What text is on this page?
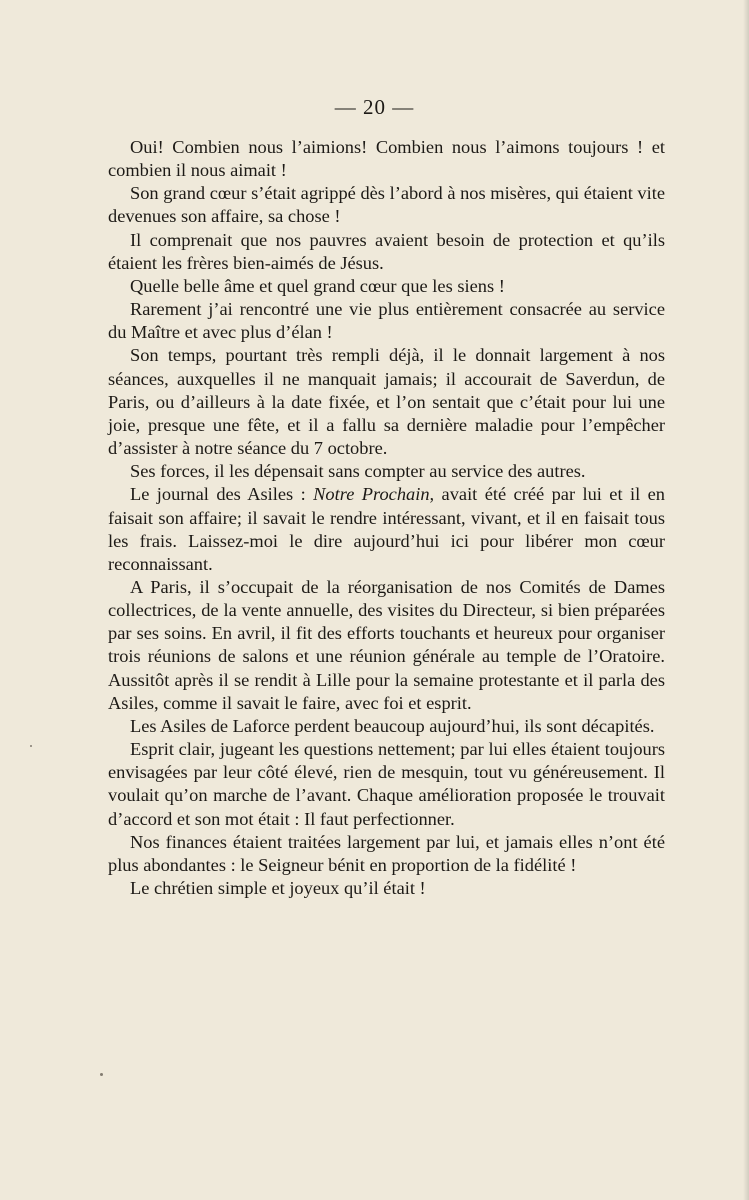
— 20 —

Oui! Combien nous l’aimions! Combien nous l’aimons toujours ! et combien il nous aimait !

Son grand cœur s’était agrippé dès l’abord à nos misères, qui étaient vite devenues son affaire, sa chose !

Il comprenait que nos pauvres avaient besoin de protection et qu’ils étaient les frères bien-aimés de Jésus.

Quelle belle âme et quel grand cœur que les siens !

Rarement j’ai rencontré une vie plus entièrement consacrée au service du Maître et avec plus d’élan !

Son temps, pourtant très rempli déjà, il le donnait largement à nos séances, auxquelles il ne manquait jamais; il accourait de Saverdun, de Paris, ou d’ailleurs à la date fixée, et l’on sentait que c’était pour lui une joie, presque une fête, et il a fallu sa dernière maladie pour l’empêcher d’assister à notre séance du 7 octobre.

Ses forces, il les dépensait sans compter au service des autres.

Le journal des Asiles : Notre Prochain, avait été créé par lui et il en faisait son affaire; il savait le rendre intéressant, vivant, et il en faisait tous les frais. Laissez-moi le dire aujourd’hui ici pour libérer mon cœur reconnaissant.

A Paris, il s’occupait de la réorganisation de nos Comités de Dames collectrices, de la vente annuelle, des visites du Directeur, si bien préparées par ses soins. En avril, il fit des efforts touchants et heureux pour organiser trois réunions de salons et une réunion générale au temple de l’Oratoire. Aussitôt après il se rendit à Lille pour la semaine protestante et il parla des Asiles, comme il savait le faire, avec foi et esprit.

Les Asiles de Laforce perdent beaucoup aujourd’hui, ils sont décapités.

Esprit clair, jugeant les questions nettement; par lui elles étaient toujours envisagées par leur côté élevé, rien de mesquin, tout vu généreusement. Il voulait qu’on marche de l’avant. Chaque amélioration proposée le trouvait d’accord et son mot était : Il faut perfectionner.

Nos finances étaient traitées largement par lui, et jamais elles n’ont été plus abondantes : le Seigneur bénit en proportion de la fidélité !

Le chrétien simple et joyeux qu’il était !
